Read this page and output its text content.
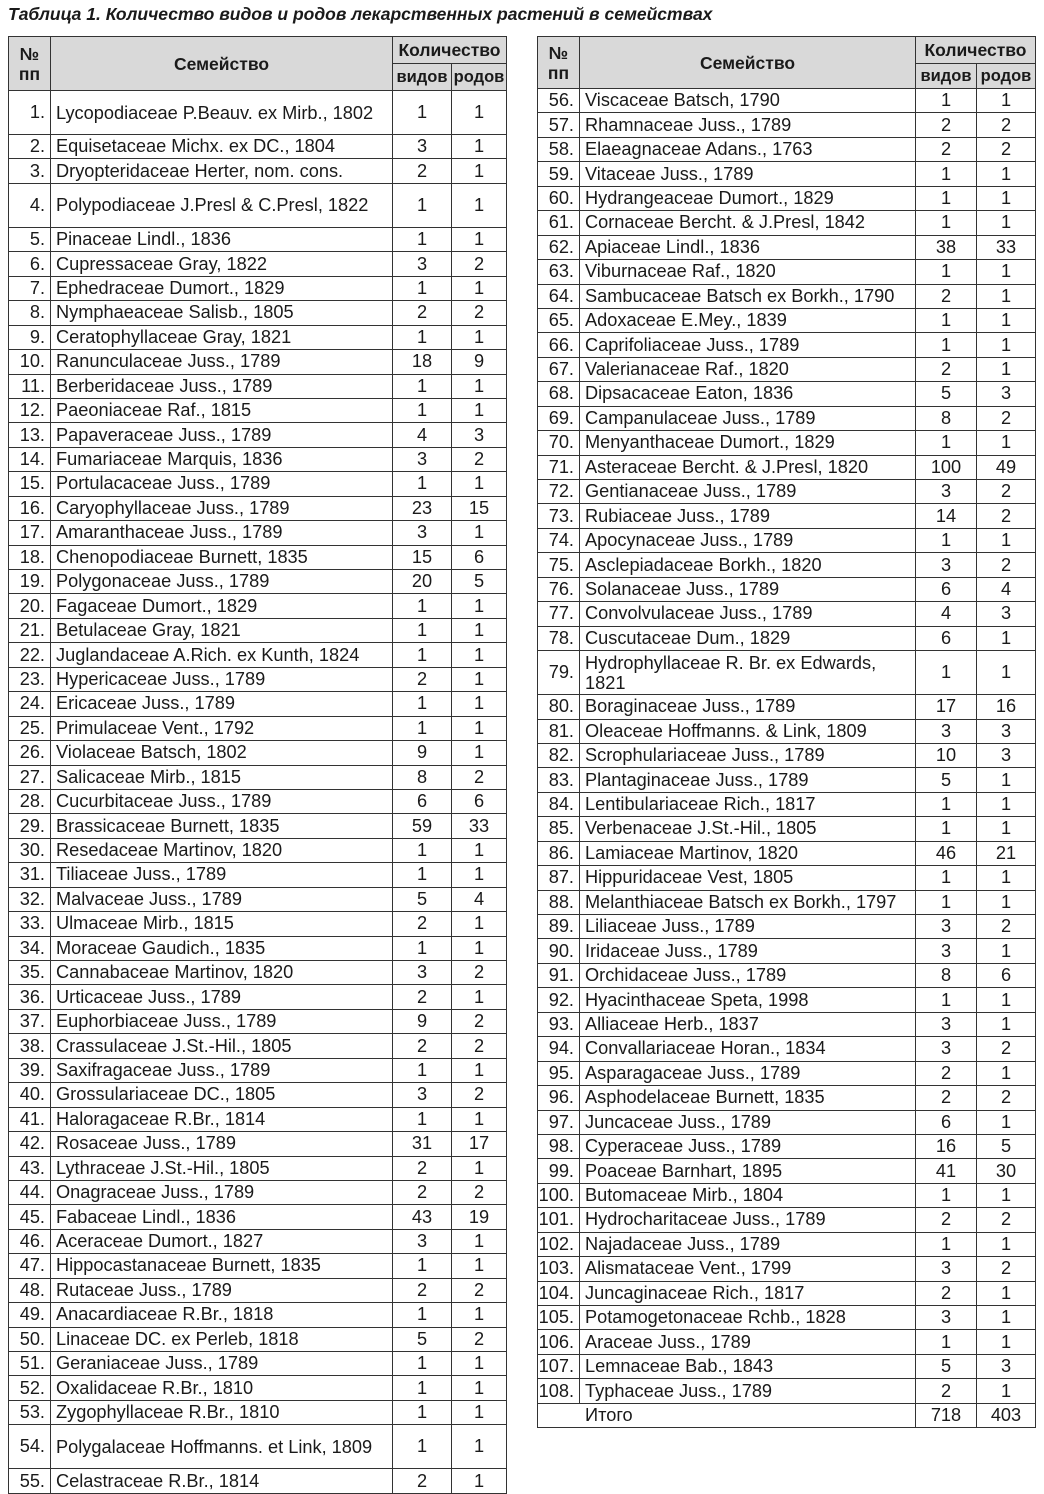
Таблица 1. Количество видов и родов лекарственных растений в семействах
№ пп	Семейство	Количество	
		видов	родов
1.	Lycopodiaceae P.Beauv. ex Mirb., 1802	1	1
2.	Equisetaceae Michx. ex DC., 1804	3	1
3.	Dryopteridaceae Herter, nom. cons.	2	1
4.	Polypodiaceae J.Presl & C.Presl, 1822	1	1
5.	Pinaceae Lindl., 1836	1	1
6.	Cupressaceae Gray, 1822	3	2
7.	Ephedraceae Dumort., 1829	1	1
8.	Nymphaeaceae Salisb., 1805	2	2
9.	Ceratophyllaceae Gray, 1821	1	1
10.	Ranunculaceae Juss., 1789	18	9
11.	Berberidaceae Juss., 1789	1	1
12.	Paeoniaceae Raf., 1815	1	1
13.	Papaveraceae Juss., 1789	4	3
14.	Fumariaceae Marquis, 1836	3	2
15.	Portulacaceae Juss., 1789	1	1
16.	Caryophyllaceae Juss., 1789	23	15
17.	Amaranthaceae Juss., 1789	3	1
18.	Chenopodiaceae Burnett, 1835	15	6
19.	Polygonaceae Juss., 1789	20	5
20.	Fagaceae Dumort., 1829	1	1
21.	Betulaceae Gray, 1821	1	1
22.	Juglandaceae A.Rich. ex Kunth, 1824	1	1
23.	Hypericaceae Juss., 1789	2	1
24.	Ericaceae Juss., 1789	1	1
25.	Primulaceae Vent., 1792	1	1
26.	Violaceae Batsch, 1802	9	1
27.	Salicaceae Mirb., 1815	8	2
28.	Cucurbitaceae Juss., 1789	6	6
29.	Brassicaceae Burnett, 1835	59	33
30.	Resedaceae Martinov, 1820	1	1
31.	Tiliaceae Juss., 1789	1	1
32.	Malvaceae Juss., 1789	5	4
33.	Ulmaceae Mirb., 1815	2	1
34.	Moraceae Gaudich., 1835	1	1
35.	Cannabaceae Martinov, 1820	3	2
36.	Urticaceae Juss., 1789	2	1
37.	Euphorbiaceae Juss., 1789	9	2
38.	Crassulaceae J.St.-Hil., 1805	2	2
39.	Saxifragaceae Juss., 1789	1	1
40.	Grossulariaceae DC., 1805	3	2
41.	Haloragaceae R.Br., 1814	1	1
42.	Rosaceae Juss., 1789	31	17
43.	Lythraceae J.St.-Hil., 1805	2	1
44.	Onagraceae Juss., 1789	2	2
45.	Fabaceae Lindl., 1836	43	19
46.	Aceraceae Dumort., 1827	3	1
47.	Hippocastanaceae Burnett, 1835	1	1
48.	Rutaceae Juss., 1789	2	2
49.	Anacardiaceae R.Br., 1818	1	1
50.	Linaceae DC. ex Perleb, 1818	5	2
51.	Geraniaceae Juss., 1789	1	1
52.	Oxalidaceae R.Br., 1810	1	1
53.	Zygophyllaceae R.Br., 1810	1	1
54.	Polygalaceae Hoffmanns. et Link, 1809	1	1
55.	Celastraceae R.Br., 1814	2	1
№ пп	Семейство	Количество	
		видов	родов
56.	Viscaceae Batsch, 1790	1	1
57.	Rhamnaceae Juss., 1789	2	2
58.	Elaeagnaceae Adans., 1763	2	2
59.	Vitaceae Juss., 1789	1	1
60.	Hydrangeaceae Dumort., 1829	1	1
61.	Cornaceae Bercht. & J.Presl, 1842	1	1
62.	Apiaceae Lindl., 1836	38	33
63.	Viburnaceae Raf., 1820	1	1
64.	Sambucaceae Batsch ex Borkh., 1790	2	1
65.	Adoxaceae E.Mey., 1839	1	1
66.	Caprifoliaceae Juss., 1789	1	1
67.	Valerianaceae Raf., 1820	2	1
68.	Dipsacaceae Eaton, 1836	5	3
69.	Campanulaceae Juss., 1789	8	2
70.	Menyanthaceae Dumort., 1829	1	1
71.	Asteraceae Bercht. & J.Presl, 1820	100	49
72.	Gentianaceae Juss., 1789	3	2
73.	Rubiaceae Juss., 1789	14	2
74.	Apocynaceae Juss., 1789	1	1
75.	Asclepiadaceae Borkh., 1820	3	2
76.	Solanaceae Juss., 1789	6	4
77.	Convolvulaceae Juss., 1789	4	3
78.	Cuscutaceae Dum., 1829	6	1
79.	Hydrophyllaceae R. Br. ex Edwards, 1821	1	1
80.	Boraginaceae Juss., 1789	17	16
81.	Oleaceae Hoffmanns. & Link, 1809	3	3
82.	Scrophulariaceae Juss., 1789	10	3
83.	Plantaginaceae Juss., 1789	5	1
84.	Lentibulariaceae Rich., 1817	1	1
85.	Verbenaceae J.St.-Hil., 1805	1	1
86.	Lamiaceae Martinov, 1820	46	21
87.	Hippuridaceae Vest, 1805	1	1
88.	Melanthiaceae Batsch ex Borkh., 1797	1	1
89.	Liliaceae Juss., 1789	3	2
90.	Iridaceae Juss., 1789	3	1
91.	Orchidaceae Juss., 1789	8	6
92.	Hyacinthaceae Speta, 1998	1	1
93.	Alliaceae Herb., 1837	3	1
94.	Convallariaceae Horan., 1834	3	2
95.	Asparagaceae Juss., 1789	2	1
96.	Asphodelaceae Burnett, 1835	2	2
97.	Juncaceae Juss., 1789	6	1
98.	Cyperaceae Juss., 1789	16	5
99.	Poaceae Barnhart, 1895	41	30
100.	Butomaceae Mirb., 1804	1	1
101.	Hydrocharitaceae Juss., 1789	2	2
102.	Najadaceae Juss., 1789	1	1
103.	Alismataceae Vent., 1799	3	2
104.	Juncaginaceae Rich., 1817	2	1
105.	Potamogetonaceae Rchb., 1828	3	1
106.	Araceae Juss., 1789	1	1
107.	Lemnaceae Bab., 1843	5	3
108.	Typhaceae Juss., 1789	2	1
Итого		718	403
